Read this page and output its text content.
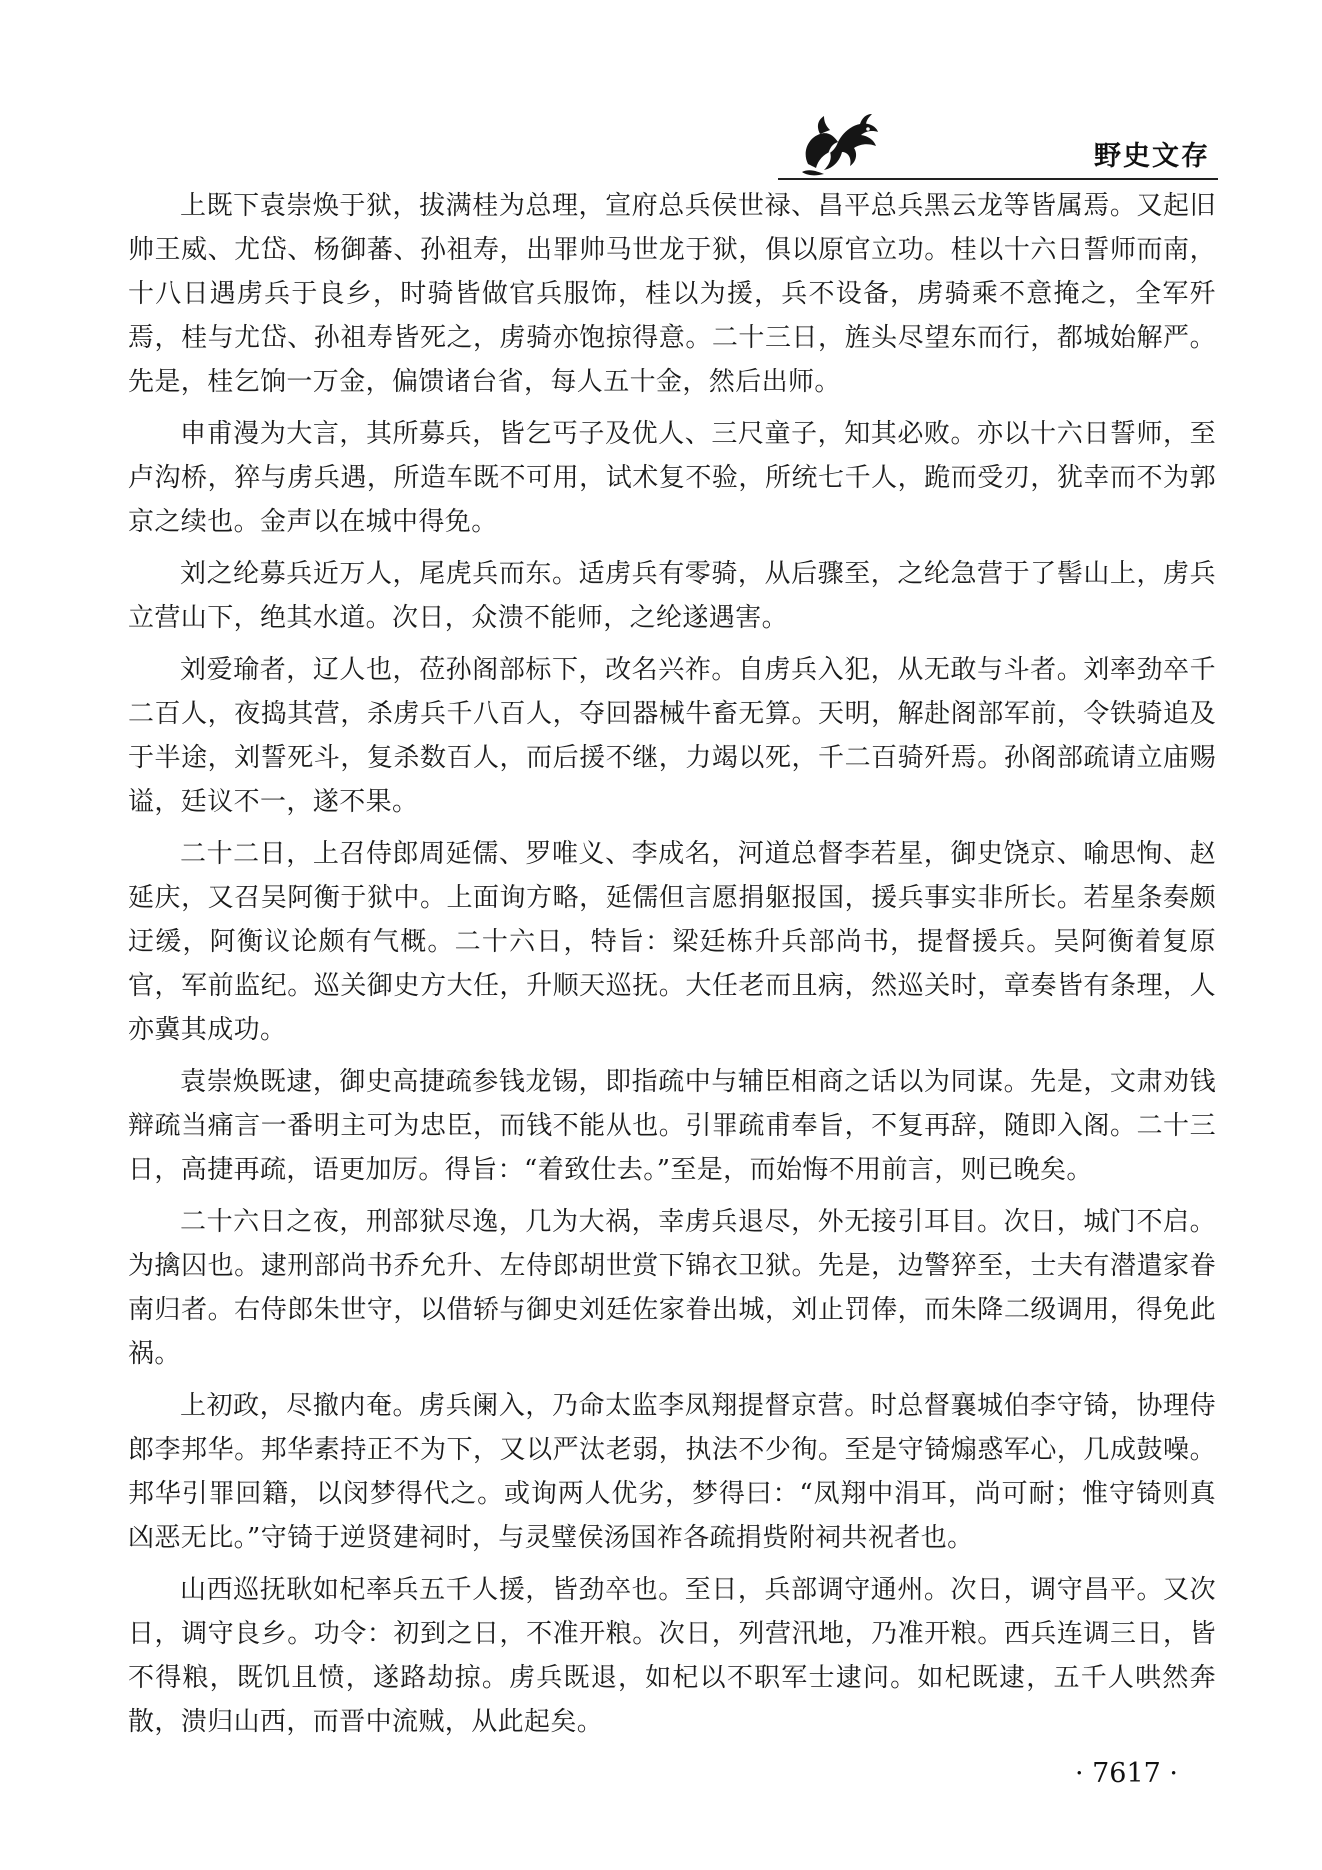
野史文存

上既下袁崇焕于狱，拔满桂为总理，宣府总兵侯世禄、昌平总兵黑云龙等皆属焉。又起旧帅王威、尤岱、杨御蕃、孙祖寿，出罪帅马世龙于狱，俱以原官立功。桂以十六日誓师而南，十八日遇虏兵于良乡，时骑皆做官兵服饰，桂以为援，兵不设备，虏骑乘不意掩之，全军歼焉，桂与尤岱、孙祖寿皆死之，虏骑亦饱掠得意。二十三日，旌头尽望东而行，都城始解严。先是，桂乞饷一万金，偏馈诸台省，每人五十金，然后出师。

申甫漫为大言，其所募兵，皆乞丐子及优人、三尺童子，知其必败。亦以十六日誓师，至卢沟桥，猝与虏兵遇，所造车既不可用，试术复不验，所统七千人，跪而受刃，犹幸而不为郭京之续也。金声以在城中得免。

刘之纶募兵近万人，尾虎兵而东。适虏兵有零骑，从后骤至，之纶急营于了髻山上，虏兵立营山下，绝其水道。次日，众溃不能师，之纶遂遇害。

刘爱瑜者，辽人也，莅孙阁部标下，改名兴祚。自虏兵入犯，从无敢与斗者。刘率劲卒千二百人，夜捣其营，杀虏兵千八百人，夺回器械牛畜无算。天明，解赴阁部军前，令铁骑追及于半途，刘誓死斗，复杀数百人，而后援不继，力竭以死，千二百骑歼焉。孙阁部疏请立庙赐谥，廷议不一，遂不果。

二十二日，上召侍郎周延儒、罗唯义、李成名，河道总督李若星，御史饶京、喻思恂、赵延庆，又召吴阿衡于狱中。上面询方略，延儒但言愿捐躯报国，援兵事实非所长。若星条奏颇迂缓，阿衡议论颇有气概。二十六日，特旨：梁廷栋升兵部尚书，提督援兵。吴阿衡着复原官，军前监纪。巡关御史方大任，升顺天巡抚。大任老而且病，然巡关时，章奏皆有条理，人亦冀其成功。

袁崇焕既逮，御史高捷疏参钱龙锡，即指疏中与辅臣相商之话以为同谋。先是，文肃劝钱辩疏当痛言一番明主可为忠臣，而钱不能从也。引罪疏甫奉旨，不复再辞，随即入阁。二十三日，高捷再疏，语更加厉。得旨：“着致仕去。”至是，而始悔不用前言，则已晚矣。

二十六日之夜，刑部狱尽逸，几为大祸，幸虏兵退尽，外无接引耳目。次日，城门不启。为擒囚也。逮刑部尚书乔允升、左侍郎胡世赏下锦衣卫狱。先是，边警猝至，士夫有潜遣家眷南归者。右侍郎朱世守，以借轿与御史刘廷佐家眷出城，刘止罚俸，而朱降二级调用，得免此祸。

上初政，尽撤内奄。虏兵阑入，乃命太监李凤翔提督京营。时总督襄城伯李守锜，协理侍郎李邦华。邦华素持正不为下，又以严汰老弱，执法不少徇。至是守锜煽惑军心，几成鼓噪。邦华引罪回籍，以闵梦得代之。或询两人优劣，梦得曰：“凤翔中涓耳，尚可耐；惟守锜则真凶恶无比。”守锜于逆贤建祠时，与灵璧侯汤国祚各疏捐赀附祠共祝者也。

山西巡抚耿如杞率兵五千人援，皆劲卒也。至日，兵部调守通州。次日，调守昌平。又次日，调守良乡。功令：初到之日，不准开粮。次日，列营汛地，乃准开粮。西兵连调三日，皆不得粮，既饥且愤，遂路劫掠。虏兵既退，如杞以不职军士逮问。如杞既逮，五千人哄然奔散，溃归山西，而晋中流贼，从此起矣。

· 7617 ·
